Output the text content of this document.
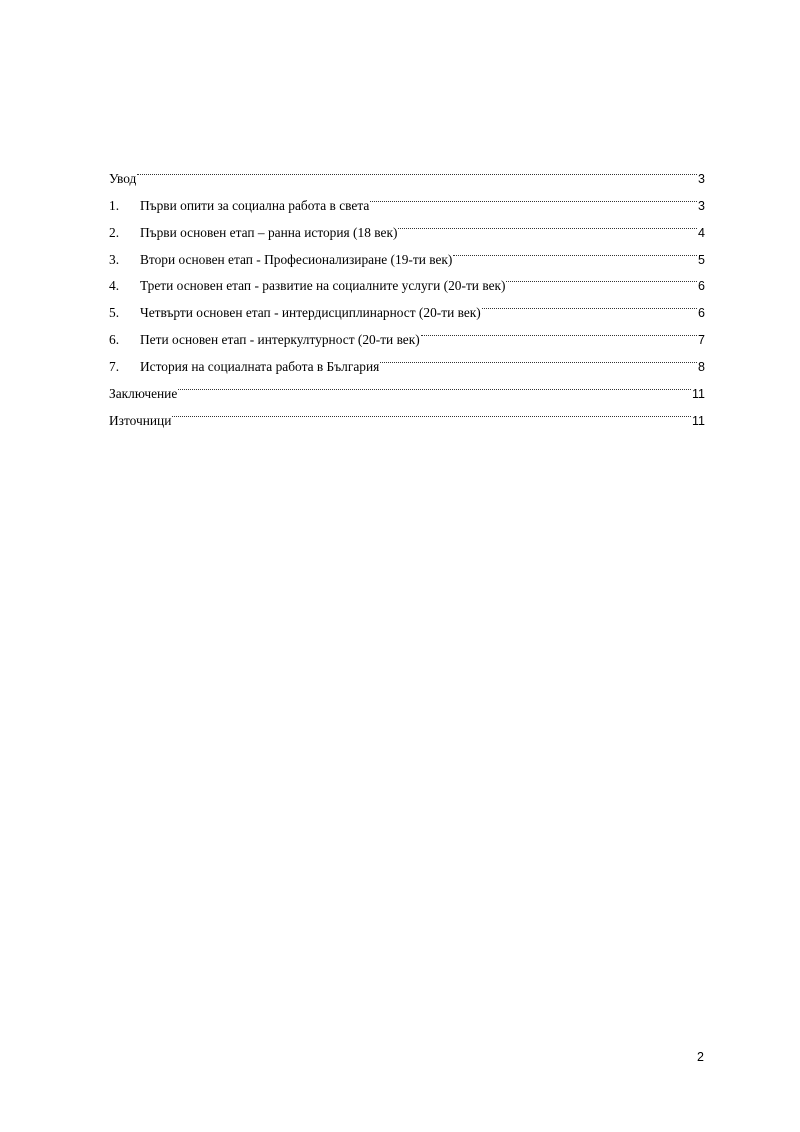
Увод	3
1.	Първи опити за социална работа в света	3
2.	Първи основен етап – ранна история (18 век)	4
3.	Втори основен етап - Професионализиране (19-ти век)	5
4.	Трети основен етап - развитие на социалните услуги (20-ти век)	6
5.	Четвърти основен етап - интердисциплинарност (20-ти век)	6
6.	Пети основен етап - интеркултурност (20-ти век)	7
7.	История на социалната работа в България	8
Заключение	11
Източници	11
2
